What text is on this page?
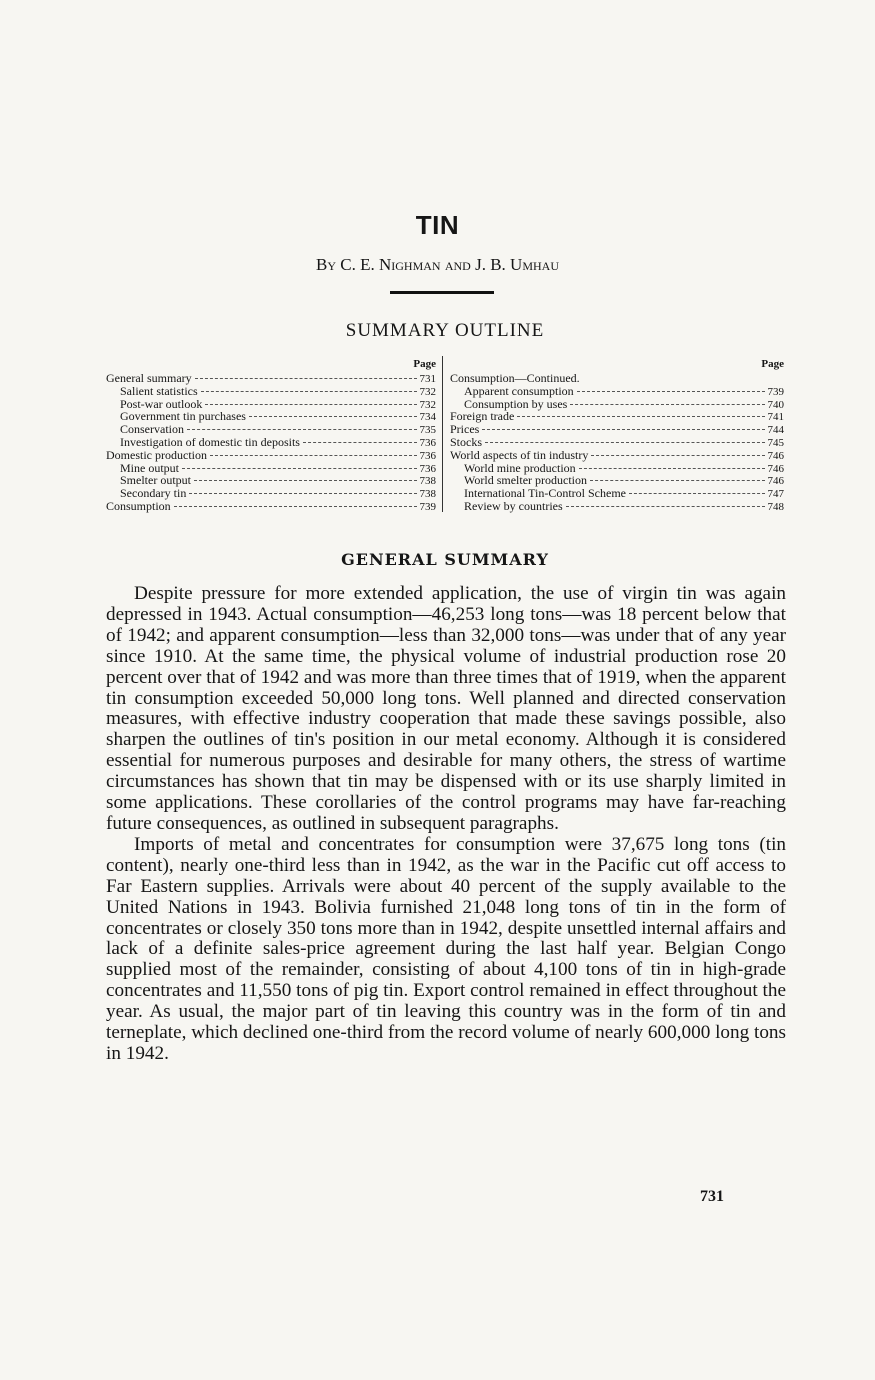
TIN
By C. E. Nighman and J. B. Umhau
SUMMARY OUTLINE
Page
General summary	731
Salient statistics	732
Post-war outlook	732
Government tin purchases	734
Conservation	735
Investigation of domestic tin deposits	736
Domestic production	736
Mine output	736
Smelter output	738
Secondary tin	738
Consumption	739
Page
Consumption—Continued.
Apparent consumption	739
Consumption by uses	740
Foreign trade	741
Prices	744
Stocks	745
World aspects of tin industry	746
World mine production	746
World smelter production	746
International Tin-Control Scheme	747
Review by countries	748
GENERAL SUMMARY

Despite pressure for more extended application, the use of virgin tin was again depressed in 1943. Actual consumption—46,253 long tons—was 18 percent below that of 1942; and apparent consumption—less than 32,000 tons—was under that of any year since 1910. At the same time, the physical volume of industrial production rose 20 percent over that of 1942 and was more than three times that of 1919, when the apparent tin consumption exceeded 50,000 long tons. Well planned and directed conservation measures, with effective industry cooperation that made these savings possible, also sharpen the outlines of tin's position in our metal economy. Although it is considered essential for numerous purposes and desirable for many others, the stress of wartime circumstances has shown that tin may be dispensed with or its use sharply limited in some applications. These corollaries of the control programs may have far-reaching future consequences, as outlined in subsequent paragraphs.

Imports of metal and concentrates for consumption were 37,675 long tons (tin content), nearly one-third less than in 1942, as the war in the Pacific cut off access to Far Eastern supplies. Arrivals were about 40 percent of the supply available to the United Nations in 1943. Bolivia furnished 21,048 long tons of tin in the form of concentrates or closely 350 tons more than in 1942, despite unsettled internal affairs and lack of a definite sales-price agreement during the last half year. Belgian Congo supplied most of the remainder, consisting of about 4,100 tons of tin in high-grade concentrates and 11,550 tons of pig tin. Export control remained in effect throughout the year. As usual, the major part of tin leaving this country was in the form of tin and terneplate, which declined one-third from the record volume of nearly 600,000 long tons in 1942.

731
